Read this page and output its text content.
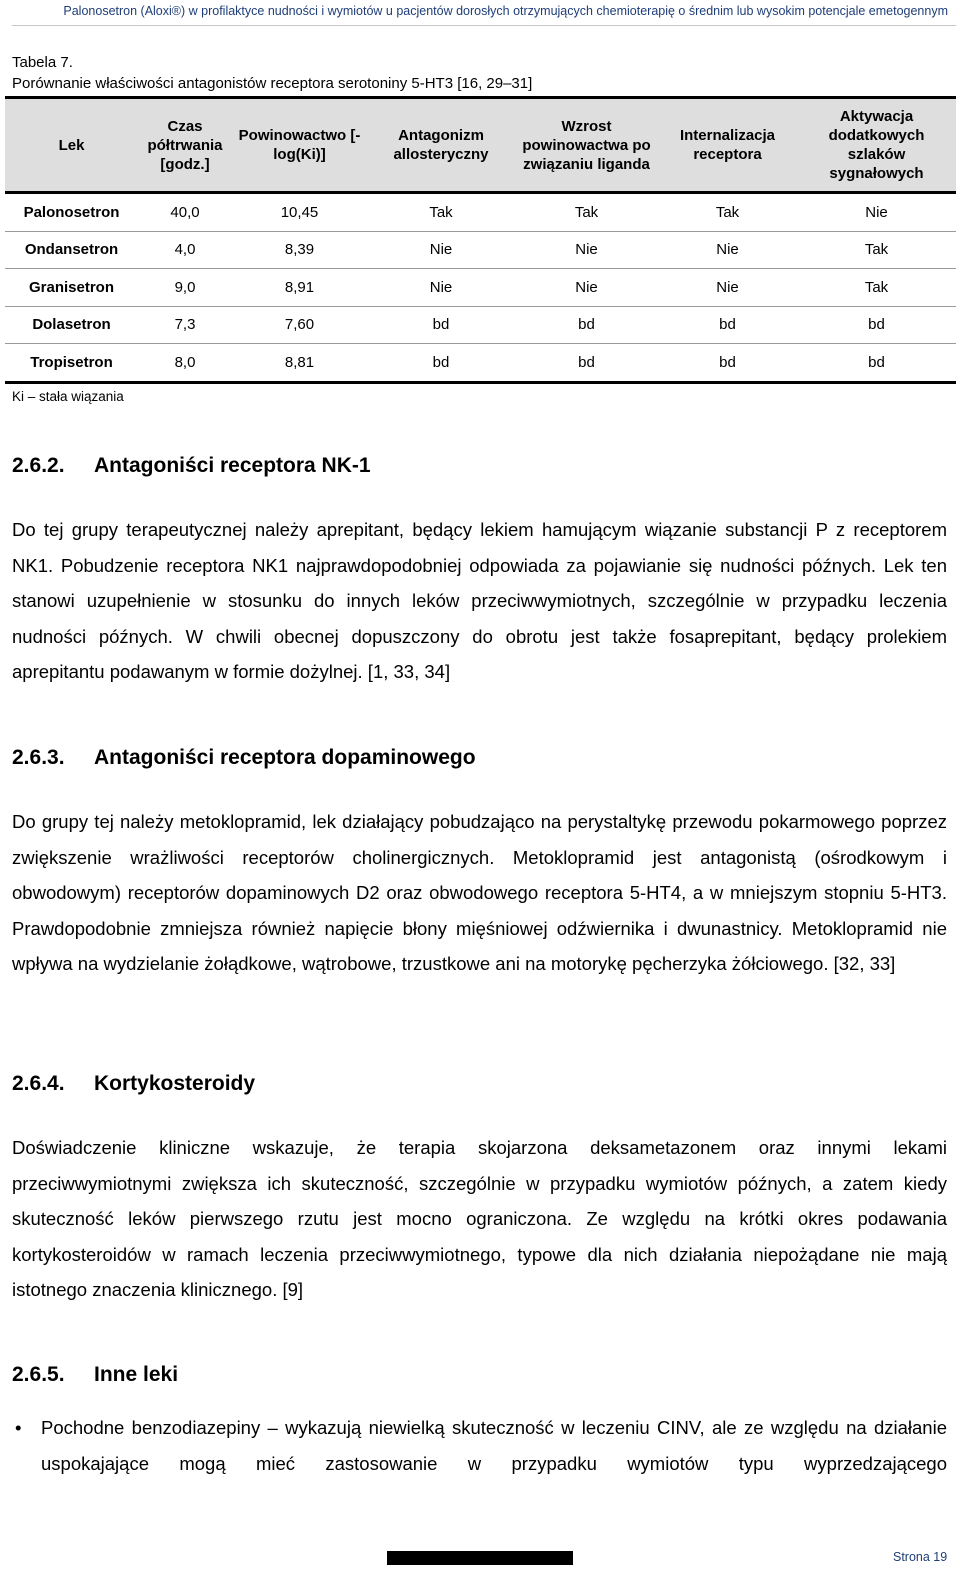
Palonosetron (Aloxi®) w profilaktyce nudności i wymiotów u pacjentów dorosłych otrzymujących chemioterapię o średnim lub wysokim potencjale emetogennym
Tabela 7.
Porównanie właściwości antagonistów receptora serotoniny 5-HT3 [16, 29–31]
Lek	Czas półtrwania [godz.]	Powinowactwo [-log(Ki)]	Antagonizm allosteryczny	Wzrost powinowactwa po związaniu liganda	Internalizacja receptora	Aktywacja dodatkowych szlaków sygnałowych
Palonosetron	40,0	10,45	Tak	Tak	Tak	Nie
Ondansetron	4,0	8,39	Nie	Nie	Nie	Tak
Granisetron	9,0	8,91	Nie	Nie	Nie	Tak
Dolasetron	7,3	7,60	bd	bd	bd	bd
Tropisetron	8,0	8,81	bd	bd	bd	bd
Ki – stała wiązania
2.6.2. Antagoniści receptora NK-1
Do tej grupy terapeutycznej należy aprepitant, będący lekiem hamującym wiązanie substancji P z receptorem NK1. Pobudzenie receptora NK1 najprawdopodobniej odpowiada za pojawianie się nudności późnych. Lek ten stanowi uzupełnienie w stosunku do innych leków przeciwwymiotnych, szczególnie w przypadku leczenia nudności późnych. W chwili obecnej dopuszczony do obrotu jest także fosaprepitant, będący prolekiem aprepitantu podawanym w formie dożylnej. [1, 33, 34]
2.6.3. Antagoniści receptora dopaminowego
Do grupy tej należy metoklopramid, lek działający pobudzająco na perystaltykę przewodu pokarmowego poprzez zwiększenie wrażliwości receptorów cholinergicznych. Metoklopramid jest antagonistą (ośrodkowym i obwodowym) receptorów dopaminowych D2 oraz obwodowego receptora 5-HT4, a w mniejszym stopniu 5-HT3. Prawdopodobnie zmniejsza również napięcie błony mięśniowej odźwiernika i dwunastnicy. Metoklopramid nie wpływa na wydzielanie żołądkowe, wątrobowe, trzustkowe ani na motorykę pęcherzyka żółciowego. [32, 33]
2.6.4. Kortykosteroidy
Doświadczenie kliniczne wskazuje, że terapia skojarzona deksametazonem oraz innymi lekami przeciwwymiotnymi zwiększa ich skuteczność, szczególnie w przypadku wymiotów późnych, a zatem kiedy skuteczność leków pierwszego rzutu jest mocno ograniczona. Ze względu na krótki okres podawania kortykosteroidów w ramach leczenia przeciwwymiotnego, typowe dla nich działania niepożądane nie mają istotnego znaczenia klinicznego. [9]
2.6.5. Inne leki
• Pochodne benzodiazepiny – wykazują niewielką skuteczność w leczeniu CINV, ale ze względu na działanie uspokajające mogą mieć zastosowanie w przypadku wymiotów typu wyprzedzającego
Strona 19
